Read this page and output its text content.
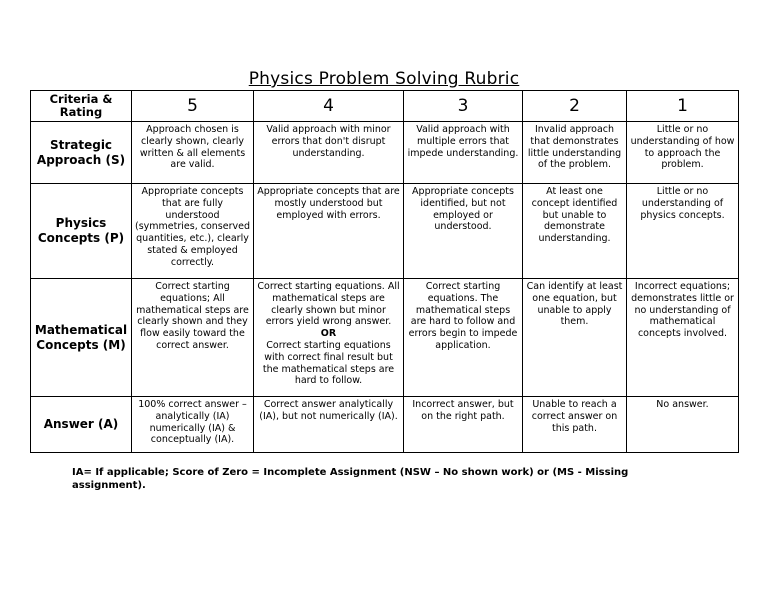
Physics Problem Solving Rubric
Criteria & Rating	5	4	3	2	1
Strategic Approach (S)	Approach chosen is clearly shown, clearly written & all elements are valid.	Valid approach with minor errors that don't disrupt understanding.	Valid approach with multiple errors that impede understanding.	Invalid approach that demonstrates little understanding of the problem.	Little or no understanding of how to approach the problem.
Physics Concepts (P)	Appropriate concepts that are fully understood (symmetries, conserved quantities, etc.), clearly stated & employed correctly.	Appropriate concepts that are mostly understood but employed with errors.	Appropriate concepts identified, but not employed or understood.	At least one concept identified but unable to demonstrate understanding.	Little or no understanding of physics concepts.
Mathematical Concepts (M)	Correct starting equations; All mathematical steps are clearly shown and they flow easily toward the correct answer.	Correct starting equations. All mathematical steps are clearly shown but minor errors yield wrong answer.
OR
Correct starting equations with correct final result but the mathematical steps are hard to follow.	Correct starting equations. The mathematical steps are hard to follow and errors begin to impede application.	Can identify at least one equation, but unable to apply them.	Incorrect equations; demonstrates little or no understanding of mathematical concepts involved.
Answer (A)	100% correct answer – analytically (IA) numerically (IA) & conceptually (IA).	Correct answer analytically (IA), but not numerically (IA).	Incorrect answer, but on the right path.	Unable to reach a correct answer on this path.	No answer.
IA= If applicable; Score of Zero = Incomplete Assignment (NSW – No shown work) or (MS - Missing assignment).
